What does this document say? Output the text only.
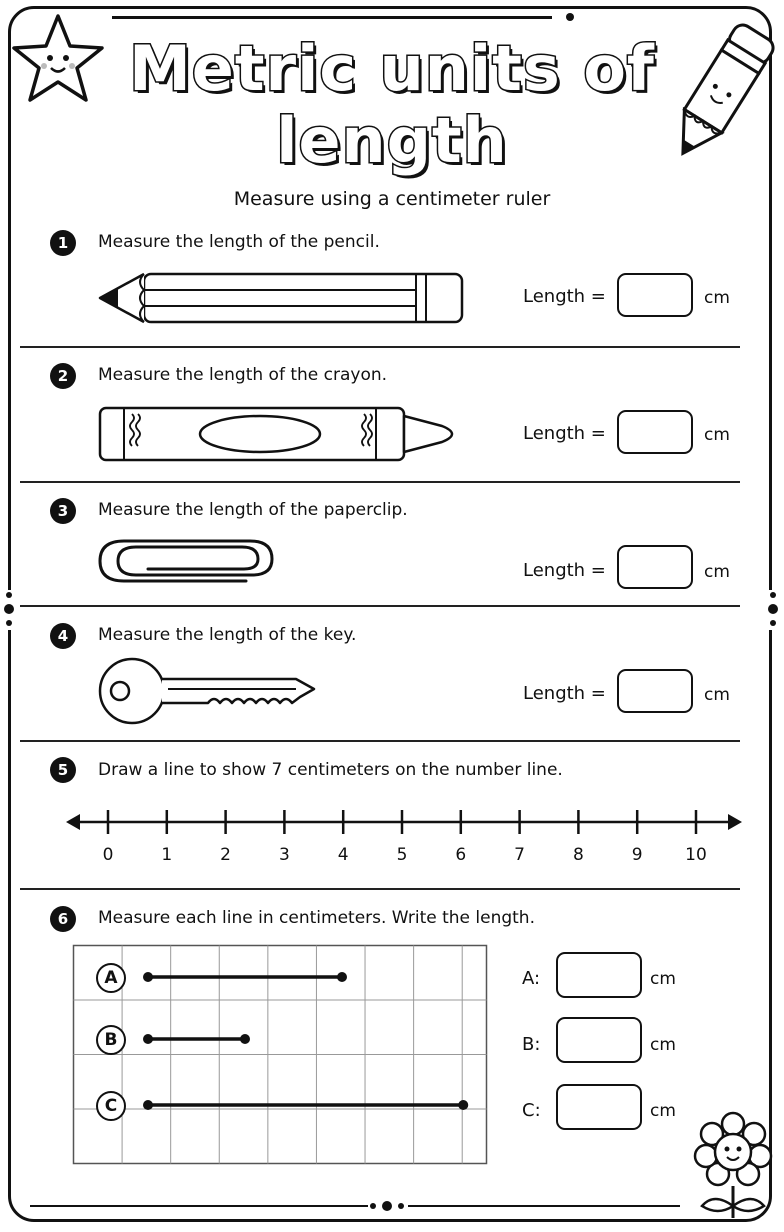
Metric units of
length
Measure using a centimeter ruler
1	Measure the length of the pencil.
Length =	cm
2	Measure the length of the crayon.
Length =	cm
3	Measure the length of the paperclip.
Length =	cm
4	Measure the length of the key.
Length =	cm
5	Draw a line to show 7 centimeters on the number line.
0	1	2	3	4	5	6	7	8	9	10
6	Measure each line in centimeters. Write the length.
A
B
C
A:	cm
B:	cm
C:	cm
